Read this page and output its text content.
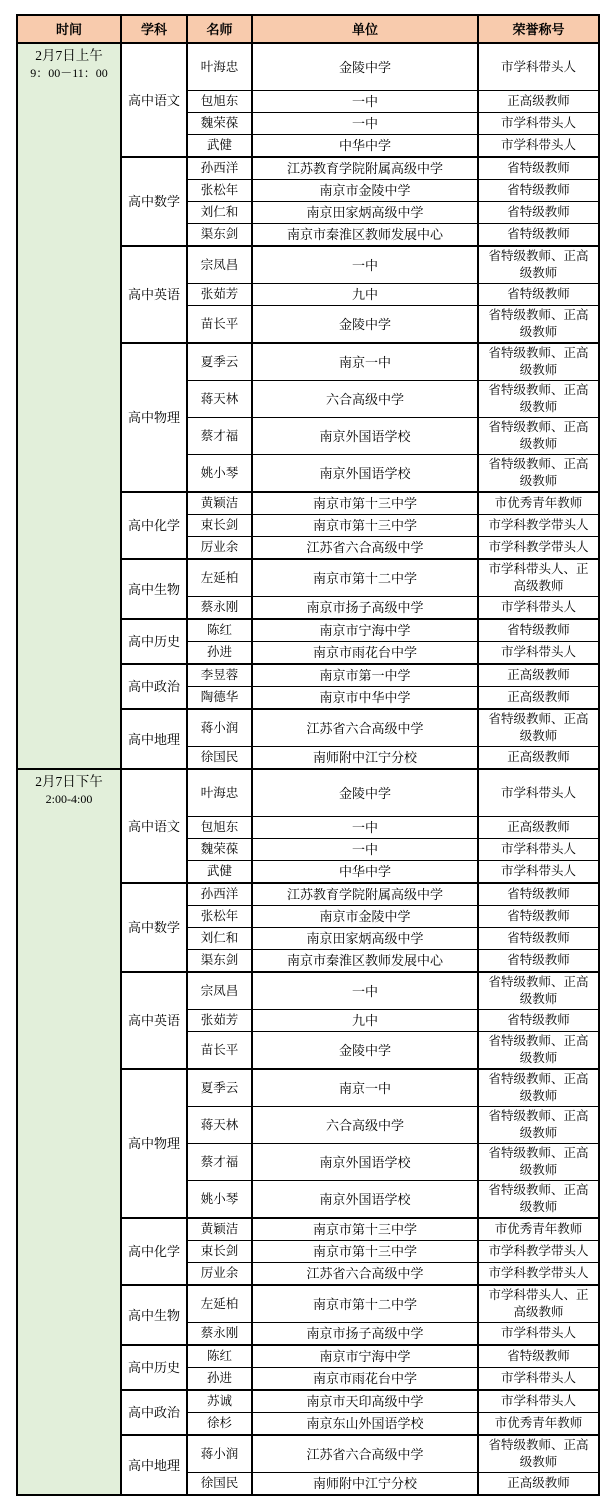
时间	学科	名师	单位	荣誉称号

2月7日上午
9：00－11：00	高中语文	叶海忠	金陵中学	市学科带头人
		包旭东	一中	正高级教师
		魏荣葆	一中	市学科带头人
		武健	中华中学	市学科带头人
	高中数学	孙西洋	江苏教育学院附属高级中学	省特级教师
		张松年	南京市金陵中学	省特级教师
		刘仁和	南京田家炳高级中学	省特级教师
		渠东剑	南京市秦淮区教师发展中心	省特级教师
	高中英语	宗凤昌	一中	省特级教师、正高级教师
		张茹芳	九中	省特级教师
		苗长平	金陵中学	省特级教师、正高级教师
	高中物理	夏季云	南京一中	省特级教师、正高级教师
		蒋天林	六合高级中学	省特级教师、正高级教师
		蔡才福	南京外国语学校	省特级教师、正高级教师
		姚小琴	南京外国语学校	省特级教师、正高级教师
	高中化学	黄颖洁	南京市第十三中学	市优秀青年教师
		束长剑	南京市第十三中学	市学科教学带头人
		厉业余	江苏省六合高级中学	市学科教学带头人
	高中生物	左延柏	南京市第十二中学	市学科带头人、正高级教师
		蔡永刚	南京市扬子高级中学	市学科带头人
	高中历史	陈红	南京市宁海中学	省特级教师
		孙进	南京市雨花台中学	市学科带头人
	高中政治	李昱蓉	南京市第一中学	正高级教师
		陶德华	南京市中华中学	正高级教师
	高中地理	蒋小润	江苏省六合高级中学	省特级教师、正高级教师
		徐国民	南师附中江宁分校	正高级教师

2月7日下午
2:00-4:00	高中语文	叶海忠	金陵中学	市学科带头人
		包旭东	一中	正高级教师
		魏荣葆	一中	市学科带头人
		武健	中华中学	市学科带头人
	高中数学	孙西洋	江苏教育学院附属高级中学	省特级教师
		张松年	南京市金陵中学	省特级教师
		刘仁和	南京田家炳高级中学	省特级教师
		渠东剑	南京市秦淮区教师发展中心	省特级教师
	高中英语	宗凤昌	一中	省特级教师、正高级教师
		张茹芳	九中	省特级教师
		苗长平	金陵中学	省特级教师、正高级教师
	高中物理	夏季云	南京一中	省特级教师、正高级教师
		蒋天林	六合高级中学	省特级教师、正高级教师
		蔡才福	南京外国语学校	省特级教师、正高级教师
		姚小琴	南京外国语学校	省特级教师、正高级教师
	高中化学	黄颖洁	南京市第十三中学	市优秀青年教师
		束长剑	南京市第十三中学	市学科教学带头人
		厉业余	江苏省六合高级中学	市学科教学带头人
	高中生物	左延柏	南京市第十二中学	市学科带头人、正高级教师
		蔡永刚	南京市扬子高级中学	市学科带头人
	高中历史	陈红	南京市宁海中学	省特级教师
		孙进	南京市雨花台中学	市学科带头人
	高中政治	苏诚	南京市天印高级中学	市学科带头人
		徐杉	南京东山外国语学校	市优秀青年教师
	高中地理	蒋小润	江苏省六合高级中学	省特级教师、正高级教师
		徐国民	南师附中江宁分校	正高级教师
